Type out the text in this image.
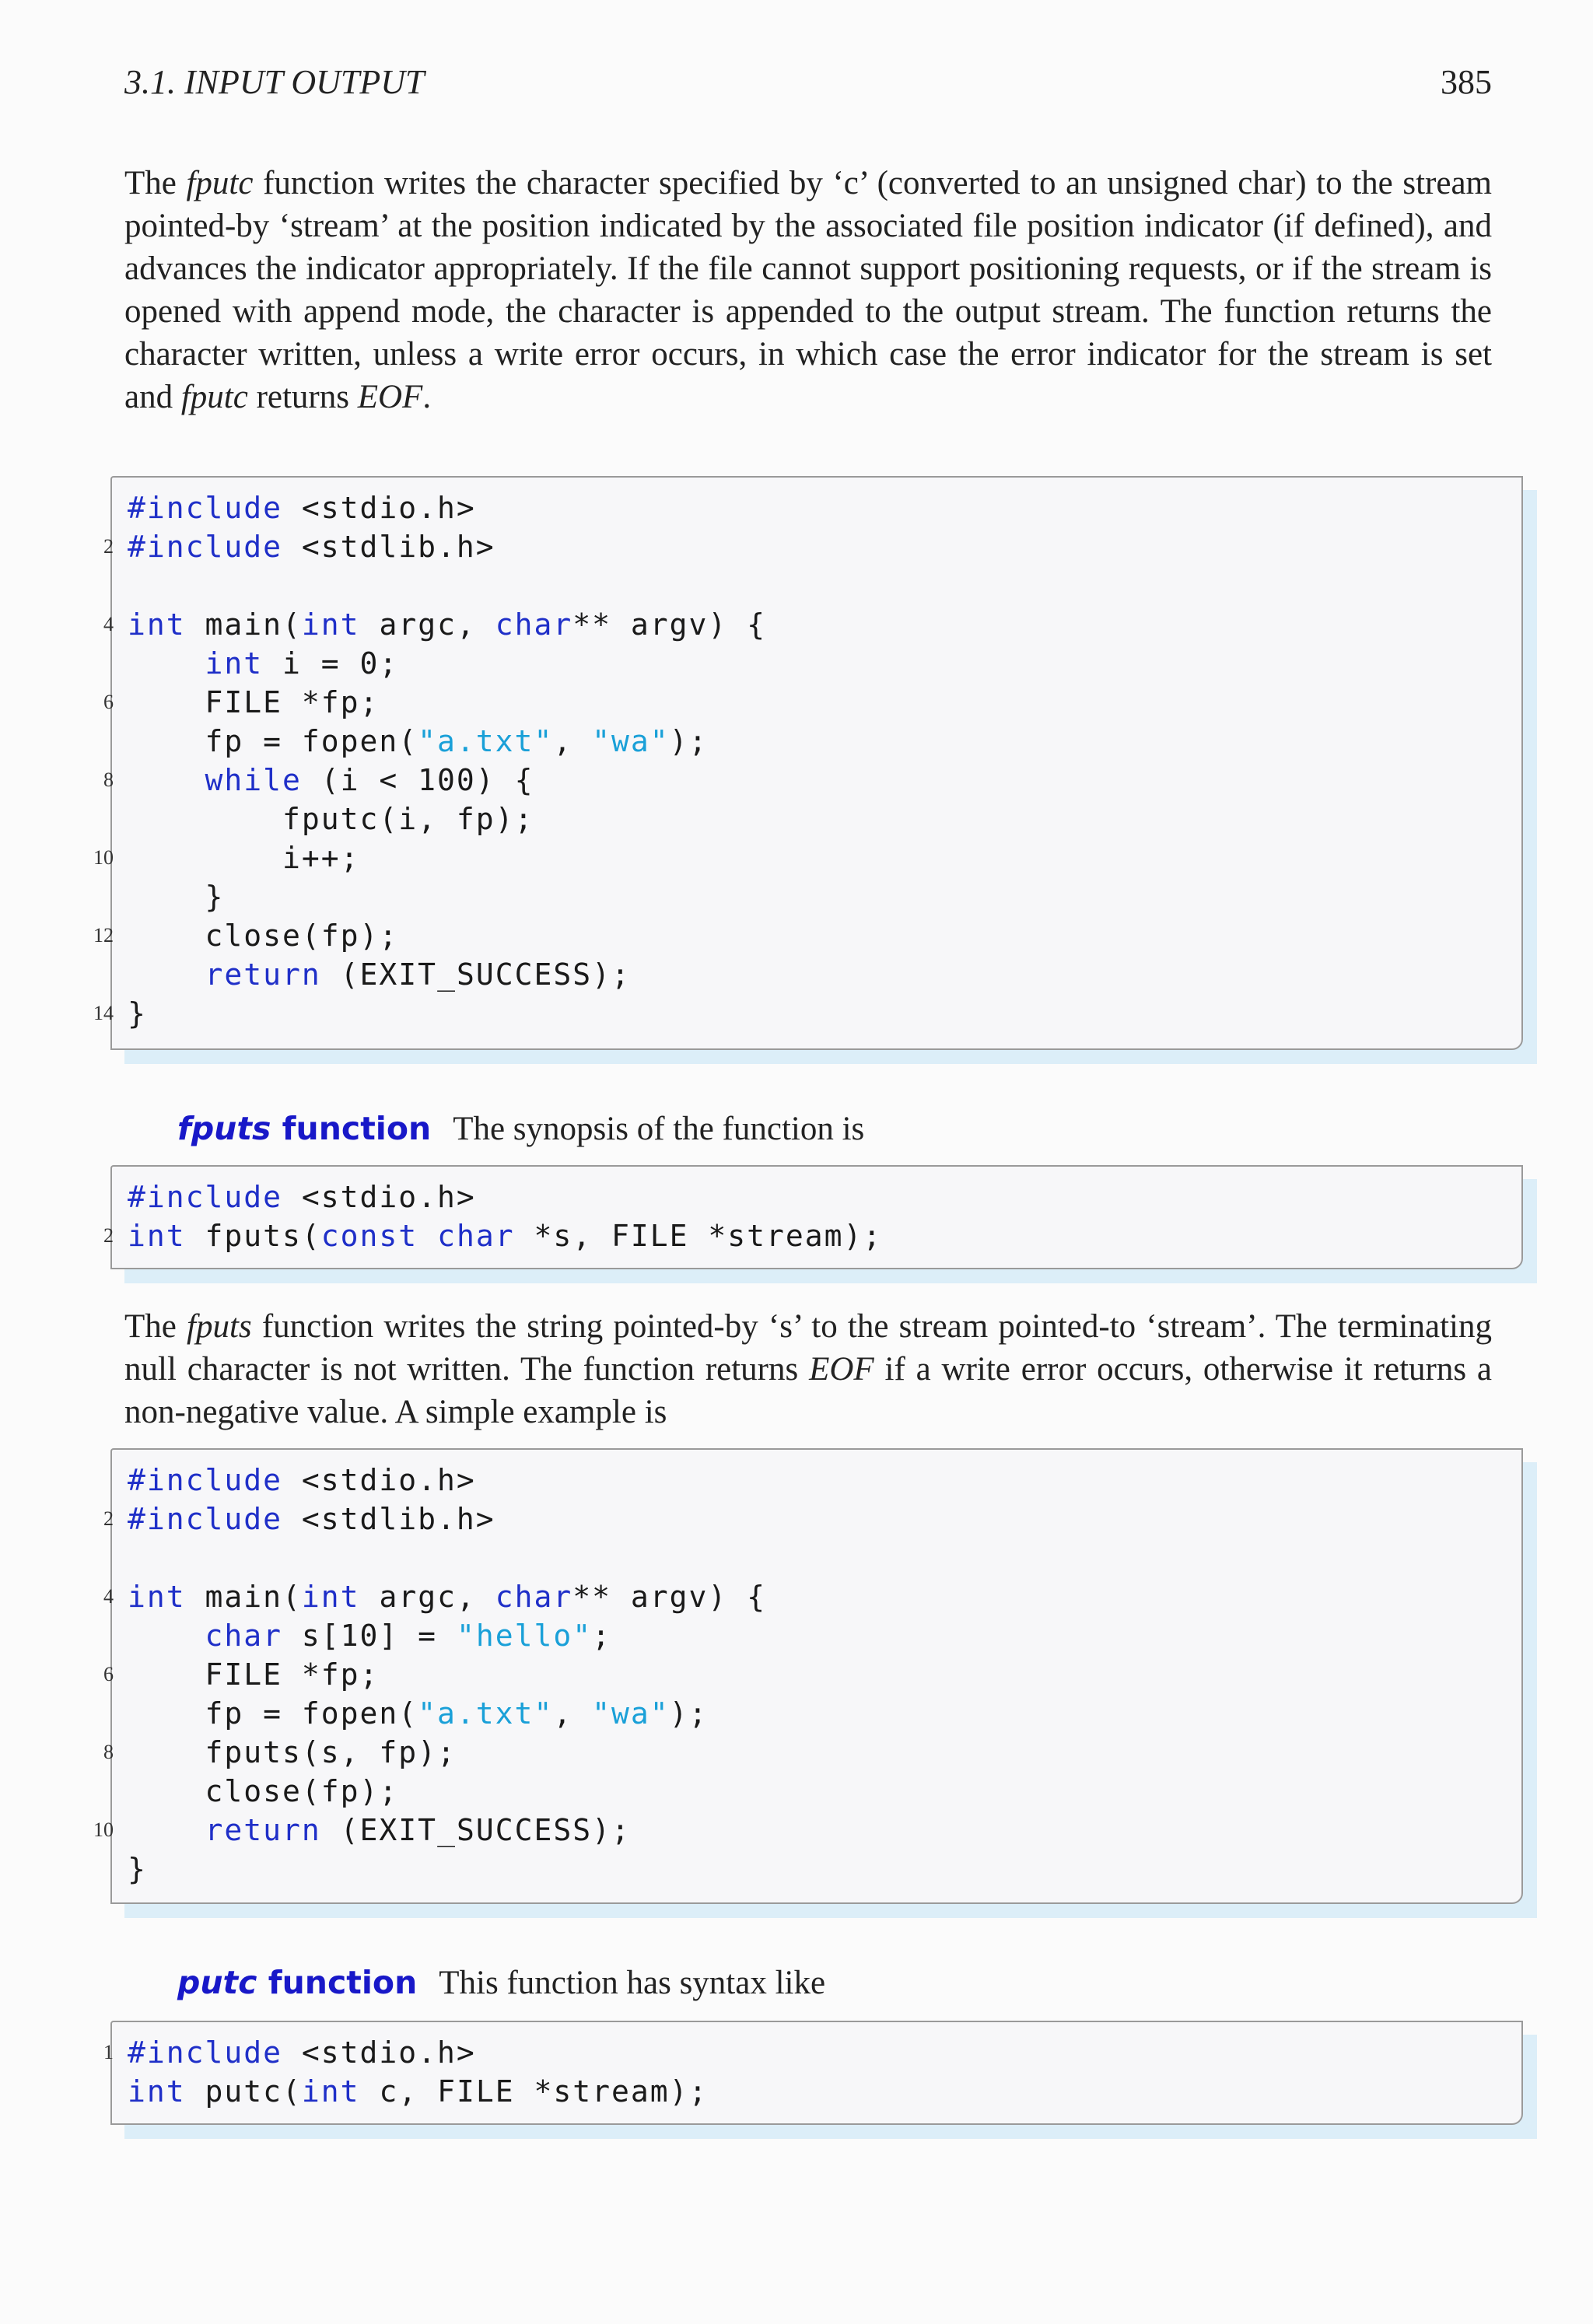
3.1. INPUT OUTPUT	385
The fputc function writes the character specified by ‘c’ (converted to an unsigned char) to the stream pointed-by ‘stream’ at the position indicated by the associated file position indicator (if defined), and advances the indicator appropriately. If the file cannot support positioning requests, or if the stream is opened with append mode, the character is appended to the output stream. The function returns the character written, unless a write error occurs, in which case the error indicator for the stream is set and fputc returns EOF.
#include <stdio.h>
2 #include <stdlib.h>
4 int main(int argc, char** argv) {
int i = 0;
6 FILE *fp;
fp = fopen("a.txt", "wa");
8	while (i < 100) {
fputc(i, fp);
10 i++;
}
12 close(fp);
return (EXIT_SUCCESS);
14 }
fputs function The synopsis of the function is
#include <stdio.h>
2 int fputs(const char *s, FILE *stream);
The fputs function writes the string pointed-by ‘s’ to the stream pointed-to ‘stream’. The terminating null character is not written. The function returns EOF if a write error occurs, otherwise it returns a non-negative value. A simple example is
#include <stdio.h>
2 #include <stdlib.h>
4 int main(int argc, char** argv) {
char s[10] = "hello";
6 FILE *fp;
fp = fopen("a.txt", "wa");
8 fputs(s, fp);
close(fp);
10	return (EXIT_SUCCESS);
}
putc function This function has syntax like
1 #include <stdio.h>
int putc(int c, FILE *stream);
